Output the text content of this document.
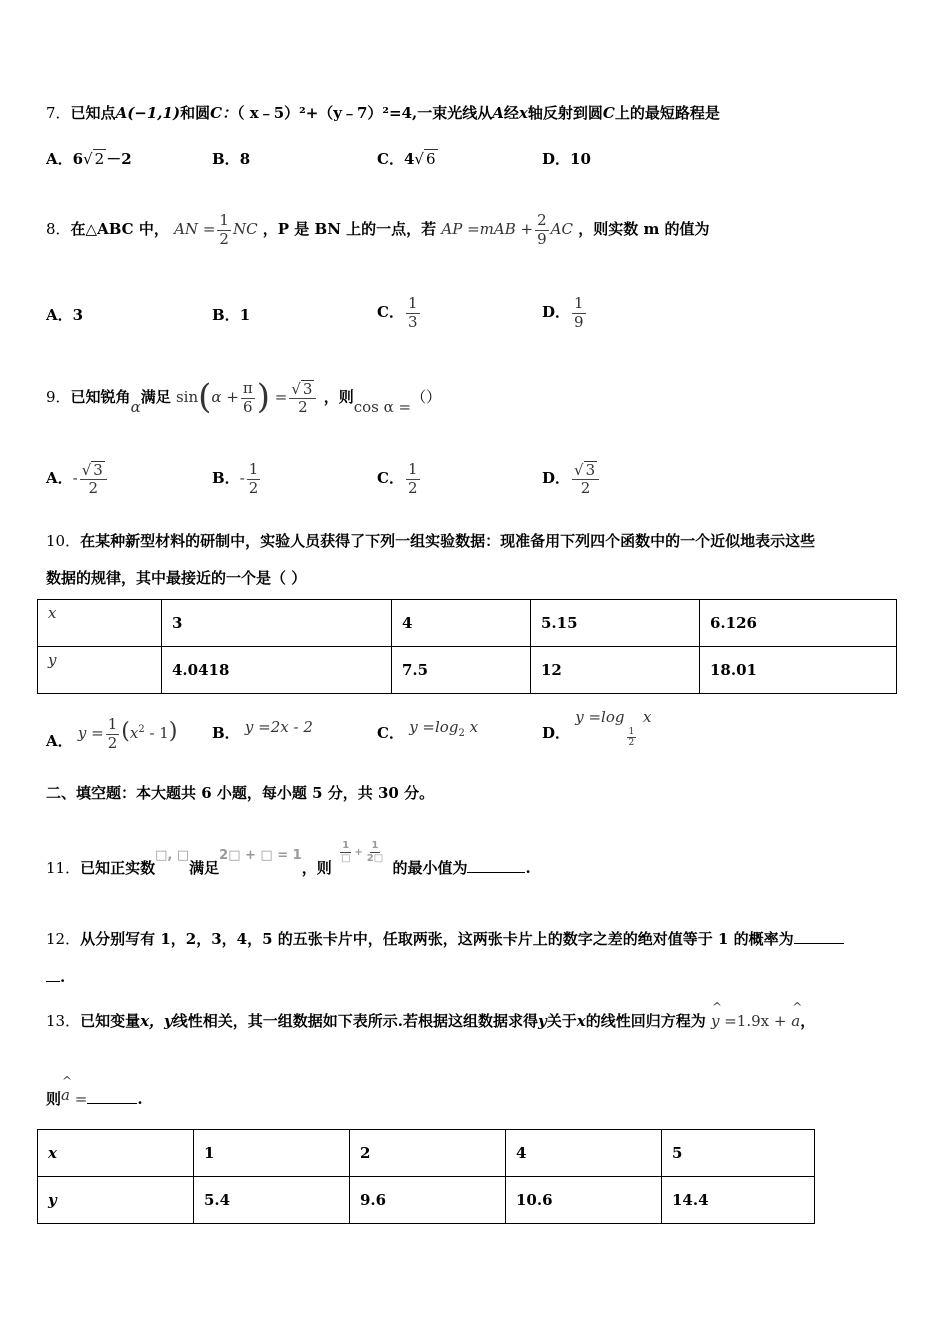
7．已知点A(−1,1)和圆C：（ x﹣5）²+（y﹣7）²=4,一束光线从A经x轴反射到圆C上的最短路程是
A．6√ 2 －2	B．8	C．4√ 6	D．10
8．在△ABC 中， AN = $\frac{1}{2}$ NC ，P 是 BN 上的一点，若 AP $=mAB + \frac{2}{9}$ AC ，则实数 m 的值为
A．3	B．1	C． $\frac{1}{3}$	D． $\frac{1}{9}$
9．已知锐角α满足 $\sin(\alpha + \frac{\pi}{6}$ ) = $\frac{√ 3}{2}$ ，则cos α =（）
A．- $\frac{√ 3}{2}$	B．- $\frac{1}{2}$	C． $\frac{1}{2}$	D． $\frac{√ 3}{2}$
10．在某种新型材料的研制中，实验人员获得了下列一组实验数据：现准备用下列四个函数中的一个近似地表示这些
数据的规律，其中最接近的一个是（ ）
x	3	4	5.15	6.126
y	4.0418	7.5	12	18.01
A． $y = \frac{1}{2} (x^2 - 1)$ B． y =2x - 2	C． $y =\log_2$ x	D． y =log
$\frac{1}{2}$
x
二、填空题：本大题共 6 小题，每小题 5 分，共 30 分。
11．已知正实数□, □满足2□ + □ = 1，则
$\frac{1}{□} + \frac{1}{2□}$
的最小值为	.
12．从分别写有 1，2，3，4，5 的五张卡片中，任取两张，这两张卡片上的数字之差的绝对值等于 1 的概率为
.
13．已知变量x，y线性相关，其一组数据如下表所示.若根据这组数据求得y关于x的线性回归方程为 ^ y =1.9x + ^ a，
则^ a =	.
x	1	2	4	5
y	5.4	9.6	10.6	14.4
